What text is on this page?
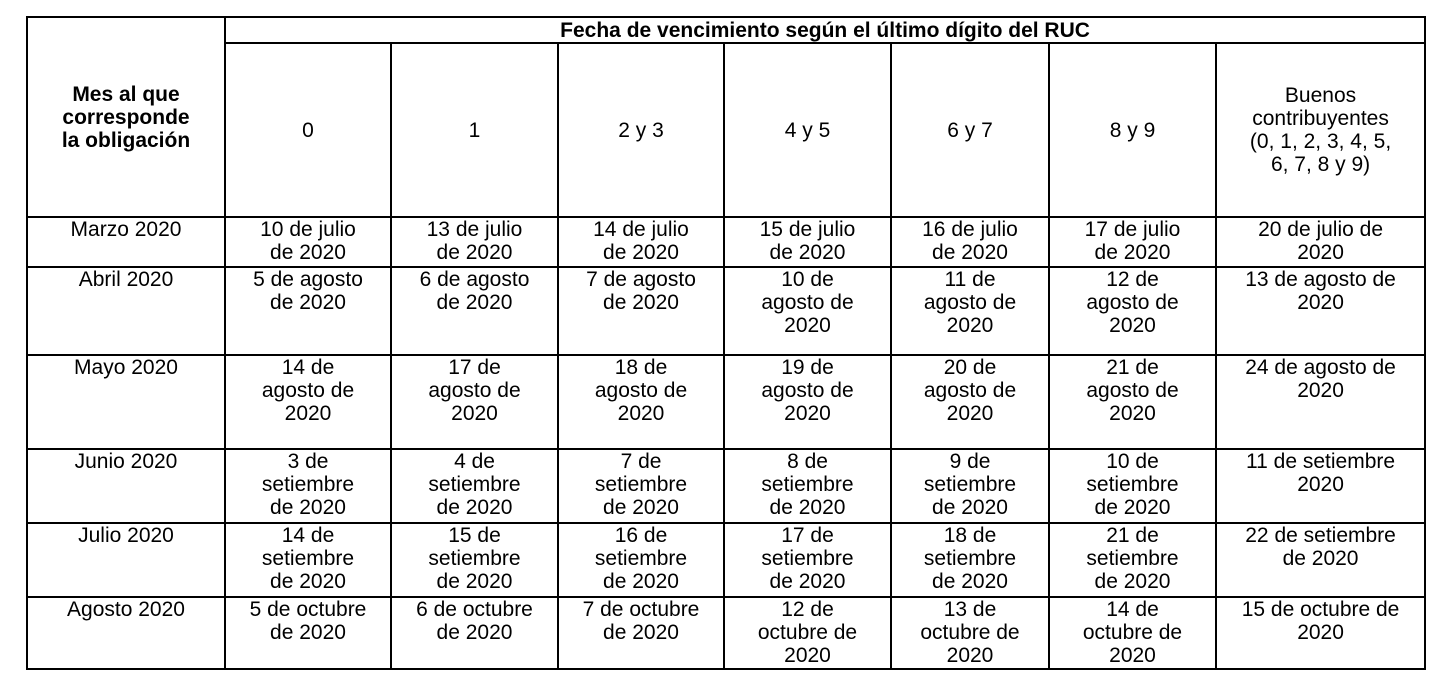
Mes al que
corresponde
la obligación	Fecha de vencimiento según el último dígito del RUC						

	0	1	2 y 3	4 y 5	6 y 7	8 y 9	Buenos
contribuyentes
(0, 1, 2, 3, 4, 5,
6, 7, 8 y 9)

Marzo 2020	10 de julio
de 2020	13 de julio
de 2020	14 de julio
de 2020	15 de julio
de 2020	16 de julio
de 2020	17 de julio
de 2020	20 de julio de
2020

Abril 2020	5 de agosto
de 2020	6 de agosto
de 2020	7 de agosto
de 2020	10 de
agosto de
2020	11 de
agosto de
2020	12 de
agosto de
2020	13 de agosto de
2020

Mayo 2020	14 de
agosto de
2020	17 de
agosto de
2020	18 de
agosto de
2020	19 de
agosto de
2020	20 de
agosto de
2020	21 de
agosto de
2020	24 de agosto de
2020

Junio 2020	3 de
setiembre
de 2020	4 de
setiembre
de 2020	7 de
setiembre
de 2020	8 de
setiembre
de 2020	9 de
setiembre
de 2020	10 de
setiembre
de 2020	11 de setiembre
2020

Julio 2020	14 de
setiembre
de 2020	15 de
setiembre
de 2020	16 de
setiembre
de 2020	17 de
setiembre
de 2020	18 de
setiembre
de 2020	21 de
setiembre
de 2020	22 de setiembre
de 2020

Agosto 2020	5 de octubre
de 2020	6 de octubre
de 2020	7 de octubre
de 2020	12 de
octubre de
2020	13 de
octubre de
2020	14 de
octubre de
2020	15 de octubre de
2020
